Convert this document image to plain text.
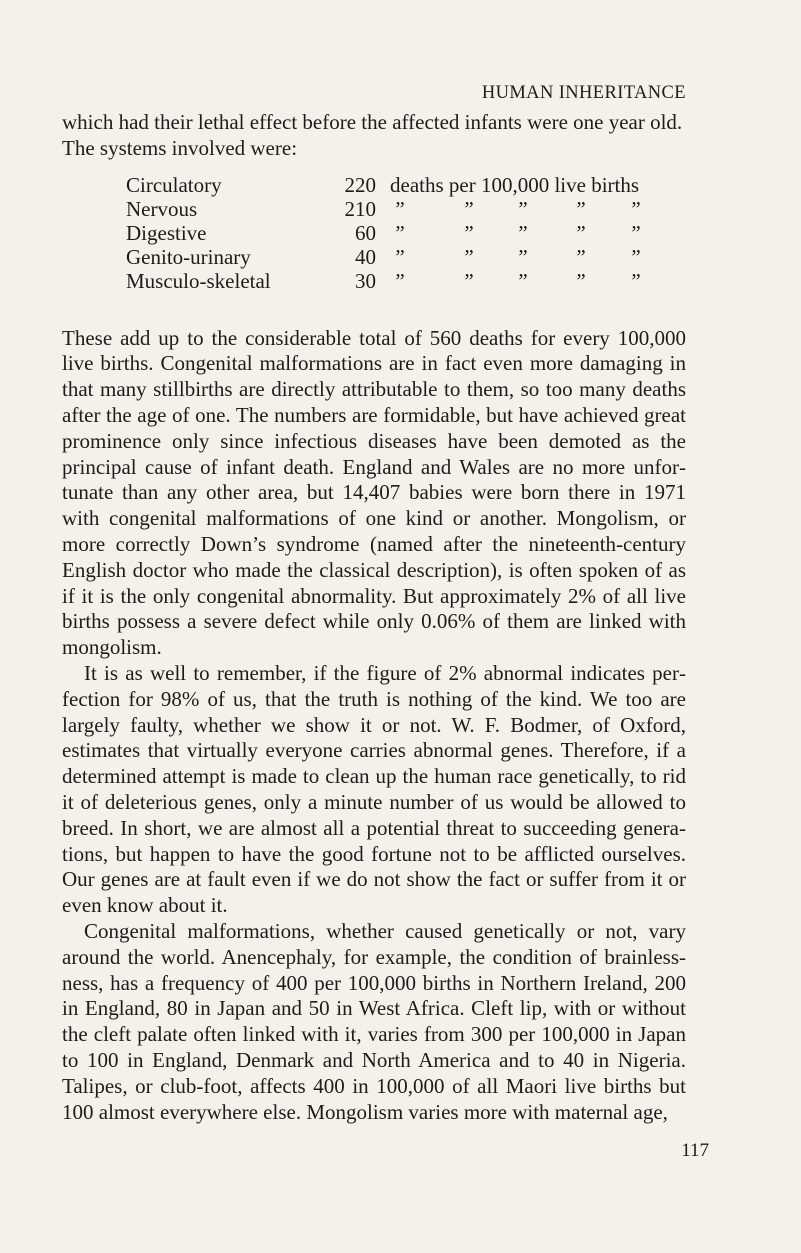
HUMAN INHERITANCE

which had their lethal effect before the affected infants were one year old.
The systems involved were:

Circulatory	220 deaths per 100,000 live births
Nervous	210 ”	”	”	”	”
Digestive	60 ”	”	”	”	”
Genito-urinary	40 ”	”	”	”	”
Musculo-skeletal	30 ”	”	”	”	”

These add up to the considerable total of 560 deaths for every 100,000 live births. Congenital malformations are in fact even more damaging in that many stillbirths are directly attributable to them, so too many deaths after the age of one. The numbers are formidable, but have achieved great prominence only since infectious diseases have been demoted as the principal cause of infant death. England and Wales are no more unfortunate than any other area, but 14,407 babies were born there in 1971 with congenital malformations of one kind or another. Mongolism, or more correctly Down’s syndrome (named after the nineteenth-century English doctor who made the classical description), is often spoken of as if it is the only congenital abnormality. But approximately 2% of all live births possess a severe defect while only 0.06% of them are linked with mongolism.

It is as well to remember, if the figure of 2% abnormal indicates perfection for 98% of us, that the truth is nothing of the kind. We too are largely faulty, whether we show it or not. W. F. Bodmer, of Oxford, estimates that virtually everyone carries abnormal genes. Therefore, if a determined attempt is made to clean up the human race genetically, to rid it of deleterious genes, only a minute number of us would be allowed to breed. In short, we are almost all a potential threat to succeeding generations, but happen to have the good fortune not to be afflicted ourselves. Our genes are at fault even if we do not show the fact or suffer from it or even know about it.

Congenital malformations, whether caused genetically or not, vary around the world. Anencephaly, for example, the condition of brainlessness, has a frequency of 400 per 100,000 births in Northern Ireland, 200 in England, 80 in Japan and 50 in West Africa. Cleft lip, with or without the cleft palate often linked with it, varies from 300 per 100,000 in Japan to 100 in England, Denmark and North America and to 40 in Nigeria. Talipes, or club-foot, affects 400 in 100,000 of all Maori live births but 100 almost everywhere else. Mongolism varies more with maternal age,

117
